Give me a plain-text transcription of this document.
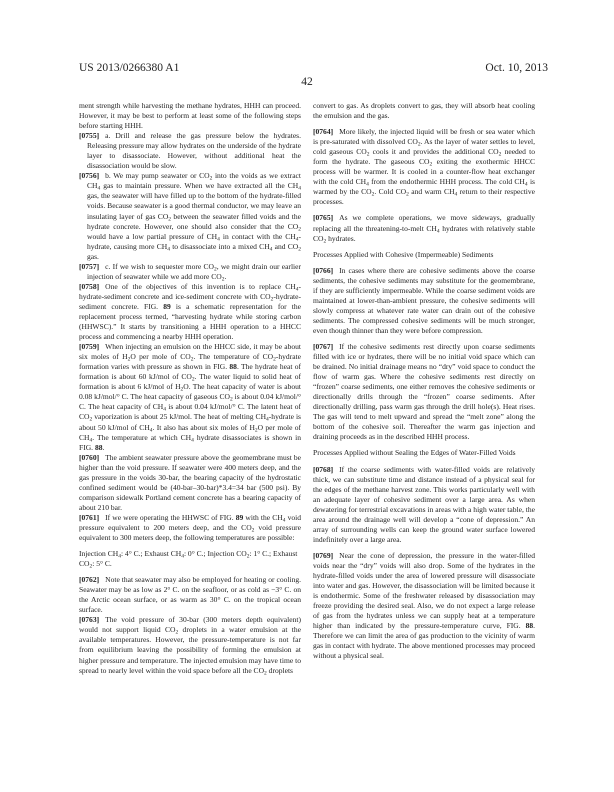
US 2013/0266380 A1	Oct. 10, 2013
42

ment strength while harvesting the methane hydrates, HHH can proceed. However, it may be best to perform at least some of the following steps before starting HHH.

[0755] a. Drill and release the gas pressure below the hydrates. Releasing pressure may allow hydrates on the underside of the hydrate layer to disassociate. However, without additional heat the disassociation would be slow.

[0756] b. We may pump seawater or $CO_2$ into the voids as we extract $CH_4$ gas to maintain pressure. When we have extracted all the $CH_4$ gas, the seawater will have filled up to the bottom of the hydrate-filled voids. Because seawater is a good thermal conductor, we may leave an insulating layer of gas $CO_2$ between the seawater filled voids and the hydrate concrete. However, one should also consider that the $CO_2$ would have a low partial pressure of $CH_4$ in contact with the $CH_4$-hydrate, causing more $CH_4$ to disassociate into a mixed $CH_4$ and $CO_2$ gas.

[0757] c. If we wish to sequester more $CO_2$, we might drain our earlier injection of seawater while we add more $CO_2$.

[0758] One of the objectives of this invention is to replace $CH_4-hydrate$-sediment concrete and ice-sediment concrete with $CO_2-hydrate$-sediment concrete. FIG. 89 is a schematic representation for the replacement process termed, “harvesting hydrate while storing carbon (HHWSC).” It starts by transitioning a HHH operation to a HHCC process and commencing a nearby HHH operation.

[0759] When injecting an emulsion on the HHCC side, it may be about six moles of $H_2O$ per mole of $CO_2$. The temperature of $CO_2$-hydrate formation varies with pressure as shown in FIG. 88. The hydrate heat of formation is about 60 kJ/mol of $CO_2$. The water liquid to solid heat of formation is about 6 kJ/mol of $H_2O$. The heat capacity of water is about 0.08 kJ/mol/° C. The heat capacity of gaseous $CO_2$ is about 0.04 kJ/mol/° C. The heat capacity of $CH_4$ is about 0.04 kJ/mol/° C. The latent heat of $CO_2$ vaporization is about 25 kJ/mol. The heat of melting $CH_4$-hydrate is about 50 kJ/mol of $CH_4$. It also has about six moles of $H_2O$ per mole of $CH_4$. The temperature at which $CH_4$ hydrate disassociates is shown in FIG. 88.

[0760] The ambient seawater pressure above the geomembrane must be higher than the void pressure. If seawater were 400 meters deep, and the gas pressure in the voids 30-bar, the bearing capacity of the hydrostatic confined sediment would be (40-bar–30-bar)*3.4=34 bar (500 psi). By comparison sidewalk Portland cement concrete has a bearing capacity of about 210 bar.

[0761] If we were operating the HHWSC of FIG. 89 with the $CH_4$ void pressure equivalent to 200 meters deep, and the $CO_2$ void pressure equivalent to 300 meters deep, the following temperatures are possible:

Injection $CH_4$: 4° C.; Exhaust $CH_4$: 0° C.; Injection $CO_2$: 1° C.; Exhaust $CO_2$: 5° C.

[0762] Note that seawater may also be employed for heating or cooling. Seawater may be as low as 2° C. on the seafloor, or as cold as −3° C. on the Arctic ocean surface, or as warm as 30° C. on the tropical ocean surface.

[0763] The void pressure of 30-bar (300 meters depth equivalent) would not support liquid $CO_2$ droplets in a water emulsion at the available temperatures. However, the pressure-temperature is not far from equilibrium leaving the possibility of forming the emulsion at higher pressure and temperature. The injected emulsion may have time to spread to nearly level within the void space before all the $CO_2$ droplets

convert to gas. As droplets convert to gas, they will absorb heat cooling the emulsion and the gas.

[0764] More likely, the injected liquid will be fresh or sea water which is pre-saturated with dissolved $CO_2$. As the layer of water settles to level, cold gaseous $CO_2$ cools it and provides the additional $CO_2$ needed to form the hydrate. The gaseous $CO_2$ exiting the exothermic HHCC process will be warmer. It is cooled in a counter-flow heat exchanger with the cold $CH_4$ from the endothermic HHH process. The cold $CH_4$ is warmed by the $CO_2$. Cold $CO_2$ and warm $CH_4$ return to their respective processes.

[0765] As we complete operations, we move sideways, gradually replacing all the threatening-to-melt $CH_4$ hydrates with relatively stable $CO_2$ hydrates.

Processes Applied with Cohesive (Impermeable) Sediments

[0766] In cases where there are cohesive sediments above the coarse sediments, the cohesive sediments may substitute for the geomembrane, if they are sufficiently impermeable. While the coarse sediment voids are maintained at lower-than-ambient pressure, the cohesive sediments will slowly compress at whatever rate water can drain out of the cohesive sediments. The compressed cohesive sediments will be much stronger, even though thinner than they were before compression.

[0767] If the cohesive sediments rest directly upon coarse sediments filled with ice or hydrates, there will be no initial void space which can be drained. No initial drainage means no “dry” void space to conduct the flow of warm gas. Where the cohesive sediments rest directly on “frozen” coarse sediments, one either removes the cohesive sediments or directionally drills through the “frozen” coarse sediments. After directionally drilling, pass warm gas through the drill hole(s). Heat rises. The gas will tend to melt upward and spread the “melt zone” along the bottom of the cohesive soil. Thereafter the warm gas injection and draining proceeds as in the described HHH process.

Processes Applied without Sealing the Edges of Water-Filled Voids

[0768] If the coarse sediments with water-filled voids are relatively thick, we can substitute time and distance instead of a physical seal for the edges of the methane harvest zone. This works particularly well with an adequate layer of cohesive sediment over a large area. As when dewatering for terrestrial excavations in areas with a high water table, the area around the drainage well will develop a “cone of depression.” An array of surrounding wells can keep the ground water surface lowered indefinitely over a large area.

[0769] Near the cone of depression, the pressure in the water-filled voids near the “dry” voids will also drop. Some of the hydrates in the hydrate-filled voids under the area of lowered pressure will disassociate into water and gas. However, the disassociation will be limited because it is endothermic. Some of the freshwater released by disassociation may freeze providing the desired seal. Also, we do not expect a large release of gas from the hydrates unless we can supply heat at a temperature higher than indicated by the pressure-temperature curve, FIG. 88. Therefore we can limit the area of gas production to the vicinity of warm gas in contact with hydrate. The above mentioned processes may proceed without a physical seal.
